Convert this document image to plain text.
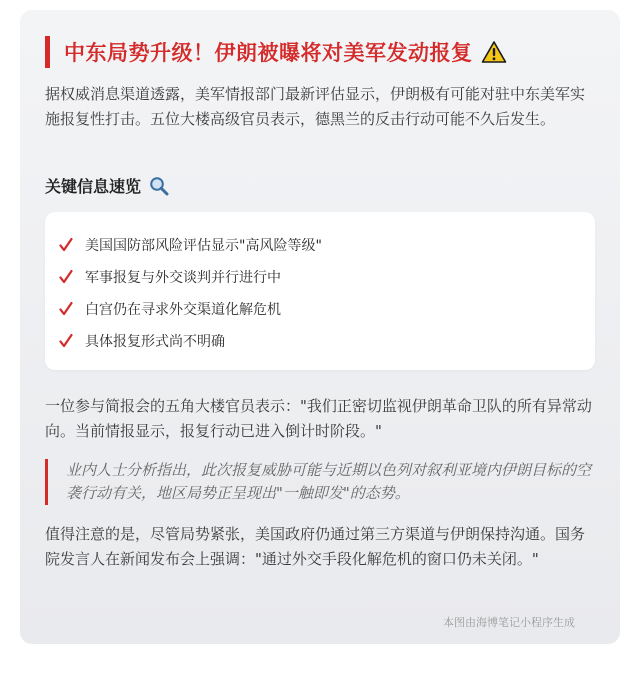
中东局势升级！伊朗被曝将对美军发动报复

据权威消息渠道透露，美军情报部门最新评估显示，伊朗极有可能对驻中东美军实施报复性打击。五位大楼高级官员表示，德黑兰的反击行动可能不久后发生。

关键信息速览
美国国防部风险评估显示"高风险等级"
军事报复与外交谈判并行进行中
白宫仍在寻求外交渠道化解危机
具体报复形式尚不明确

一位参与简报会的五角大楼官员表示："我们正密切监视伊朗革命卫队的所有异常动向。当前情报显示，报复行动已进入倒计时阶段。"

业内人士分析指出，此次报复威胁可能与近期以色列对叙利亚境内伊朗目标的空袭行动有关，地区局势正呈现出"一触即发"的态势。

值得注意的是，尽管局势紧张，美国政府仍通过第三方渠道与伊朗保持沟通。国务院发言人在新闻发布会上强调："通过外交手段化解危机的窗口仍未关闭。"

本图由海博笔记小程序生成
